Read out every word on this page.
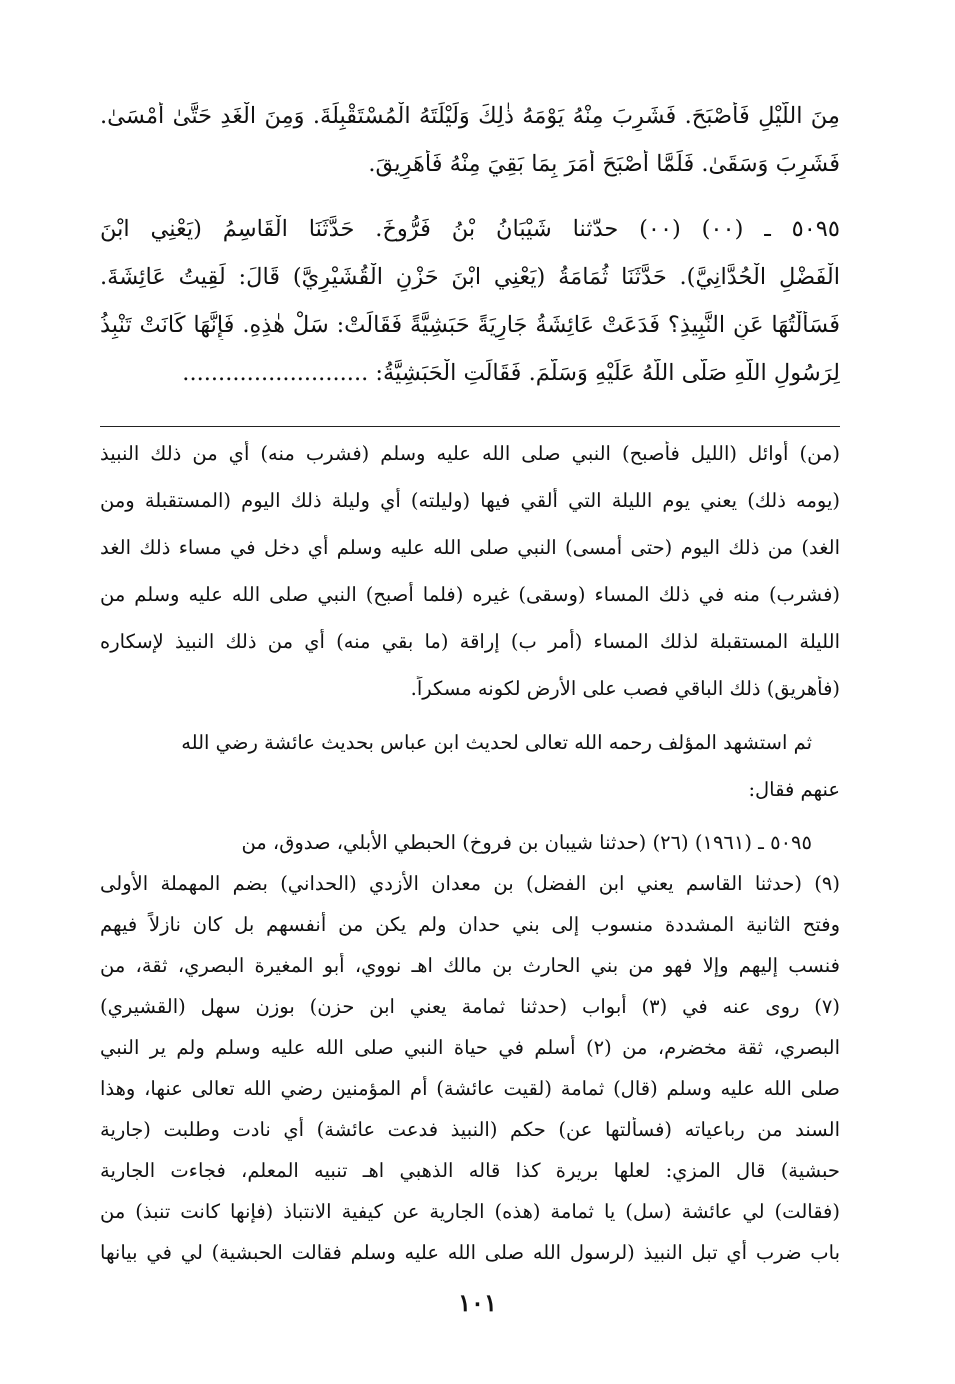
مِنَ اللَّيْلِ فَأَصْبَحَ. فَشَرِبَ مِنْهُ يَوْمَهُ ذٰلِكَ وَلَيْلَتَهُ الْمُسْتَقْبِلَةَ. وَمِنَ الْغَدِ حَتَّىٰ أَمْسَىٰ.
فَشَرِبَ وَسَقَىٰ. فَلَمَّا أَصْبَحَ أَمَرَ بِمَا بَقِيَ مِنْهُ فَأُهَرِيقَ.
٥٠٩٥ ـ (٠٠) (٠٠) حدّثنا شَيْبَانُ بْنُ فَرُّوخَ. حَدَّثَنَا الْقَاسِمُ (يَعْنِي ابْنَ
الْفَضْلِ الْحُدَّانِيَّ). حَدَّثَنَا ثُمَامَةُ (يَعْنِي ابْنَ حَزْنٍ الْقُشَيْرِيَّ) قَالَ: لَقِيتُ عَائِشَةَ.
فَسَأَلْتُهَا عَنِ النَّبِيذِ؟ فَدَعَتْ عَائِشَةُ جَارِيَةً حَبَشِيَّةً فَقَالَتْ: سَلْ هٰذِهِ. فَإِنَّهَا كَانَتْ تَنْبِذُ
لِرَسُولِ اللَّهِ صَلَّى اللَّهُ عَلَيْهِ وَسَلَّمَ. فَقَالَتِ الْحَبَشِيَّةُ: ..........................
(من) أوائل (الليل فأصبح) النبي صلى الله عليه وسلم (فشرب منه) أي من ذلك النبيذ
(يومه ذلك) يعني يوم الليلة التي ألقي فيها (وليلته) أي وليلة ذلك اليوم (المستقبلة ومن
الغد) من ذلك اليوم (حتى أمسى) النبي صلى الله عليه وسلم أي دخل في مساء ذلك الغد
(فشرب) منه في ذلك المساء (وسقى) غيره (فلما أصبح) النبي صلى الله عليه وسلم من
الليلة المستقبلة لذلك المساء (أمر ب) إراقة (ما بقي منه) أي من ذلك النبيذ لإسكاره
(فأهريق) ذلك الباقي فصب على الأرض لكونه مسكراً.
ثم استشهد المؤلف رحمه الله تعالى لحديث ابن عباس بحديث عائشة رضي الله
عنهم فقال:
٥٠٩٥ ـ (١٩٦١) (٢٦) (حدثنا شيبان بن فروخ) الحبطي الأبلي، صدوق، من
(٩) (حدثنا القاسم يعني ابن الفضل) بن معدان الأزدي (الحداني) بضم المهملة الأولى
وفتح الثانية المشددة منسوب إلى بني حدان ولم يكن من أنفسهم بل كان نازلاً فيهم
فنسب إليهم وإلا فهو من بني الحارث بن مالك اهـ نووي، أبو المغيرة البصري، ثقة، من
(٧) روى عنه في (٣) أبواب (حدثنا ثمامة يعني ابن حزن) بوزن سهل (القشيري)
البصري، ثقة مخضرم، من (٢) أسلم في حياة النبي صلى الله عليه وسلم ولم ير النبي
صلى الله عليه وسلم (قال) ثمامة (لقيت عائشة) أم المؤمنين رضي الله تعالى عنها، وهذا
السند من رباعياته (فسألتها عن) حكم (النبيذ فدعت عائشة) أي نادت وطلبت (جارية
حبشية) قال المزي: لعلها بريرة كذا قاله الذهبي اهـ تنبيه المعلم، فجاءت الجارية
(فقالت) لي عائشة (سل) يا ثمامة (هذه) الجارية عن كيفية الانتباذ (فإنها كانت تنبذ) من
باب ضرب أي تبل النبيذ (لرسول الله صلى الله عليه وسلم فقالت الحبشية) لي في بيانها
١٠١
